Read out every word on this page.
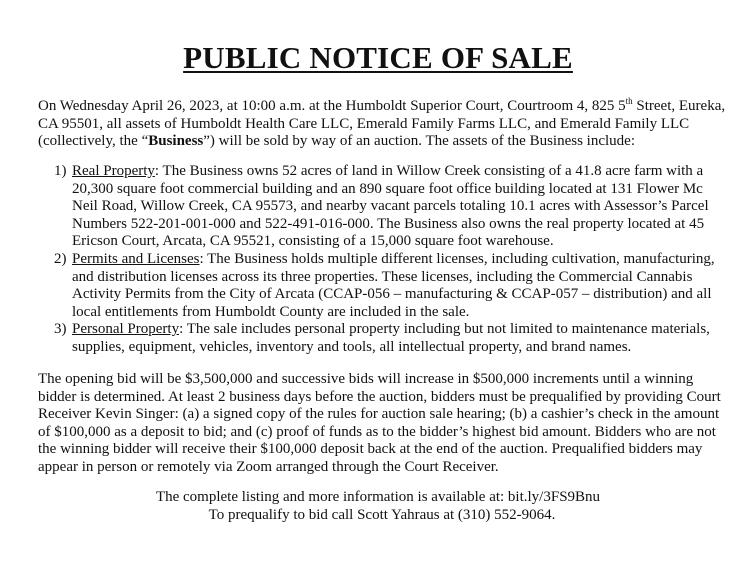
PUBLIC NOTICE OF SALE
On Wednesday April 26, 2023, at 10:00 a.m. at the Humboldt Superior Court, Courtroom 4, 825 5th Street, Eureka, CA 95501, all assets of Humboldt Health Care LLC, Emerald Family Farms LLC, and Emerald Family LLC (collectively, the “Business”) will be sold by way of an auction. The assets of the Business include:
1) Real Property: The Business owns 52 acres of land in Willow Creek consisting of a 41.8 acre farm with a 20,300 square foot commercial building and an 890 square foot office building located at 131 Flower Mc Neil Road, Willow Creek, CA 95573, and nearby vacant parcels totaling 10.1 acres with Assessor’s Parcel Numbers 522-201-001-000 and 522-491-016-000. The Business also owns the real property located at 45 Ericson Court, Arcata, CA 95521, consisting of a 15,000 square foot warehouse.
2) Permits and Licenses: The Business holds multiple different licenses, including cultivation, manufacturing, and distribution licenses across its three properties. These licenses, including the Commercial Cannabis Activity Permits from the City of Arcata (CCAP-056 – manufacturing & CCAP-057 – distribution) and all local entitlements from Humboldt County are included in the sale.
3) Personal Property: The sale includes personal property including but not limited to maintenance materials, supplies, equipment, vehicles, inventory and tools, all intellectual property, and brand names.
The opening bid will be $3,500,000 and successive bids will increase in $500,000 increments until a winning bidder is determined. At least 2 business days before the auction, bidders must be prequalified by providing Court Receiver Kevin Singer: (a) a signed copy of the rules for auction sale hearing; (b) a cashier’s check in the amount of $100,000 as a deposit to bid; and (c) proof of funds as to the bidder’s highest bid amount. Bidders who are not the winning bidder will receive their $100,000 deposit back at the end of the auction. Prequalified bidders may appear in person or remotely via Zoom arranged through the Court Receiver.
The complete listing and more information is available at: bit.ly/3FS9Bnu
To prequalify to bid call Scott Yahraus at (310) 552-9064.
